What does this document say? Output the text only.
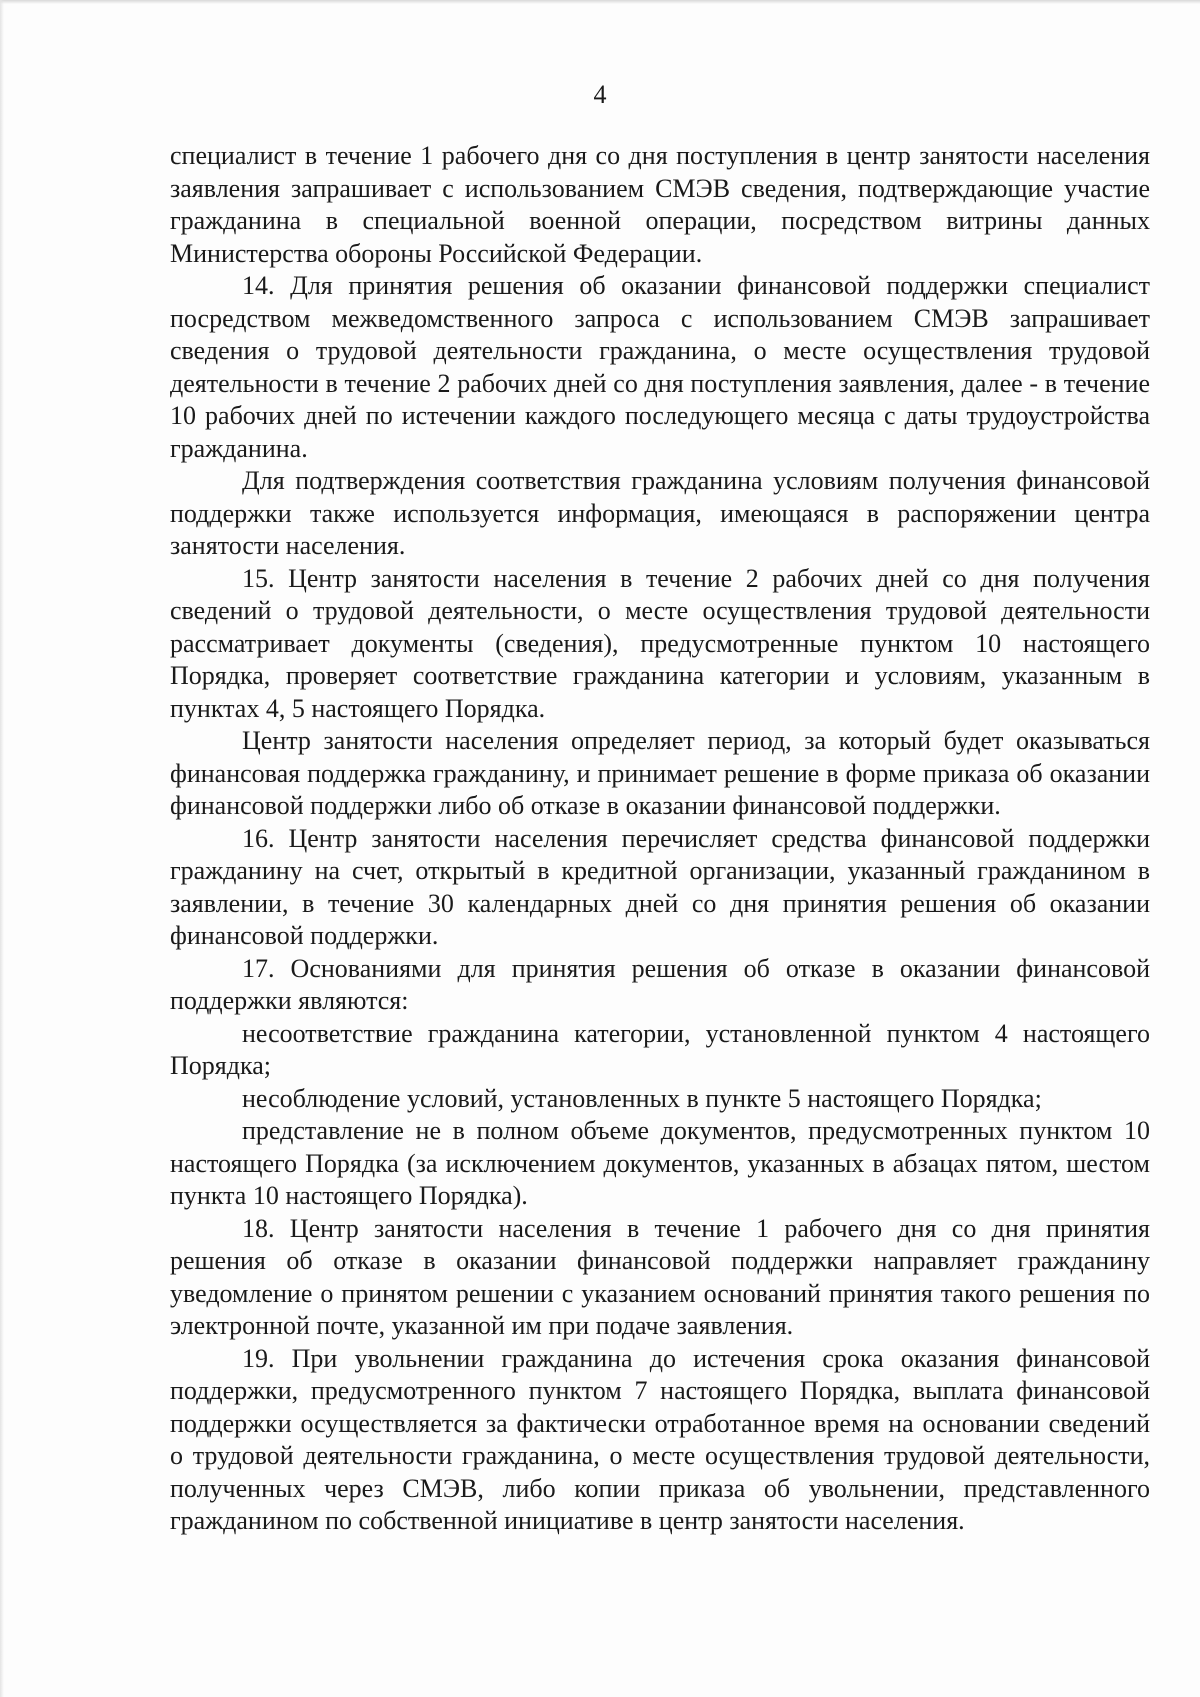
4

специалист в течение 1 рабочего дня со дня поступления в центр занятости населения заявления запрашивает с использованием СМЭВ сведения, подтверждающие участие гражданина в специальной военной операции, посредством витрины данных Министерства обороны Российской Федерации.

14. Для принятия решения об оказании финансовой поддержки специалист посредством межведомственного запроса с использованием СМЭВ запрашивает сведения о трудовой деятельности гражданина, о месте осуществления трудовой деятельности в течение 2 рабочих дней со дня поступления заявления, далее - в течение 10 рабочих дней по истечении каждого последующего месяца с даты трудоустройства гражданина.

Для подтверждения соответствия гражданина условиям получения финансовой поддержки также используется информация, имеющаяся в распоряжении центра занятости населения.

15. Центр занятости населения в течение 2 рабочих дней со дня получения сведений о трудовой деятельности, о месте осуществления трудовой деятельности рассматривает документы (сведения), предусмотренные пунктом 10 настоящего Порядка, проверяет соответствие гражданина категории и условиям, указанным в пунктах 4, 5 настоящего Порядка.

Центр занятости населения определяет период, за который будет оказываться финансовая поддержка гражданину, и принимает решение в форме приказа об оказании финансовой поддержки либо об отказе в оказании финансовой поддержки.

16. Центр занятости населения перечисляет средства финансовой поддержки гражданину на счет, открытый в кредитной организации, указанный гражданином в заявлении, в течение 30 календарных дней со дня принятия решения об оказании финансовой поддержки.

17. Основаниями для принятия решения об отказе в оказании финансовой поддержки являются:

несоответствие гражданина категории, установленной пунктом 4 настоящего Порядка;

несоблюдение условий, установленных в пункте 5 настоящего Порядка;

представление не в полном объеме документов, предусмотренных пунктом 10 настоящего Порядка (за исключением документов, указанных в абзацах пятом, шестом пункта 10 настоящего Порядка).

18. Центр занятости населения в течение 1 рабочего дня со дня принятия решения об отказе в оказании финансовой поддержки направляет гражданину уведомление о принятом решении с указанием оснований принятия такого решения по электронной почте, указанной им при подаче заявления.

19. При увольнении гражданина до истечения срока оказания финансовой поддержки, предусмотренного пунктом 7 настоящего Порядка, выплата финансовой поддержки осуществляется за фактически отработанное время на основании сведений о трудовой деятельности гражданина, о месте осуществления трудовой деятельности, полученных через СМЭВ, либо копии приказа об увольнении, представленного гражданином по собственной инициативе в центр занятости населения.
